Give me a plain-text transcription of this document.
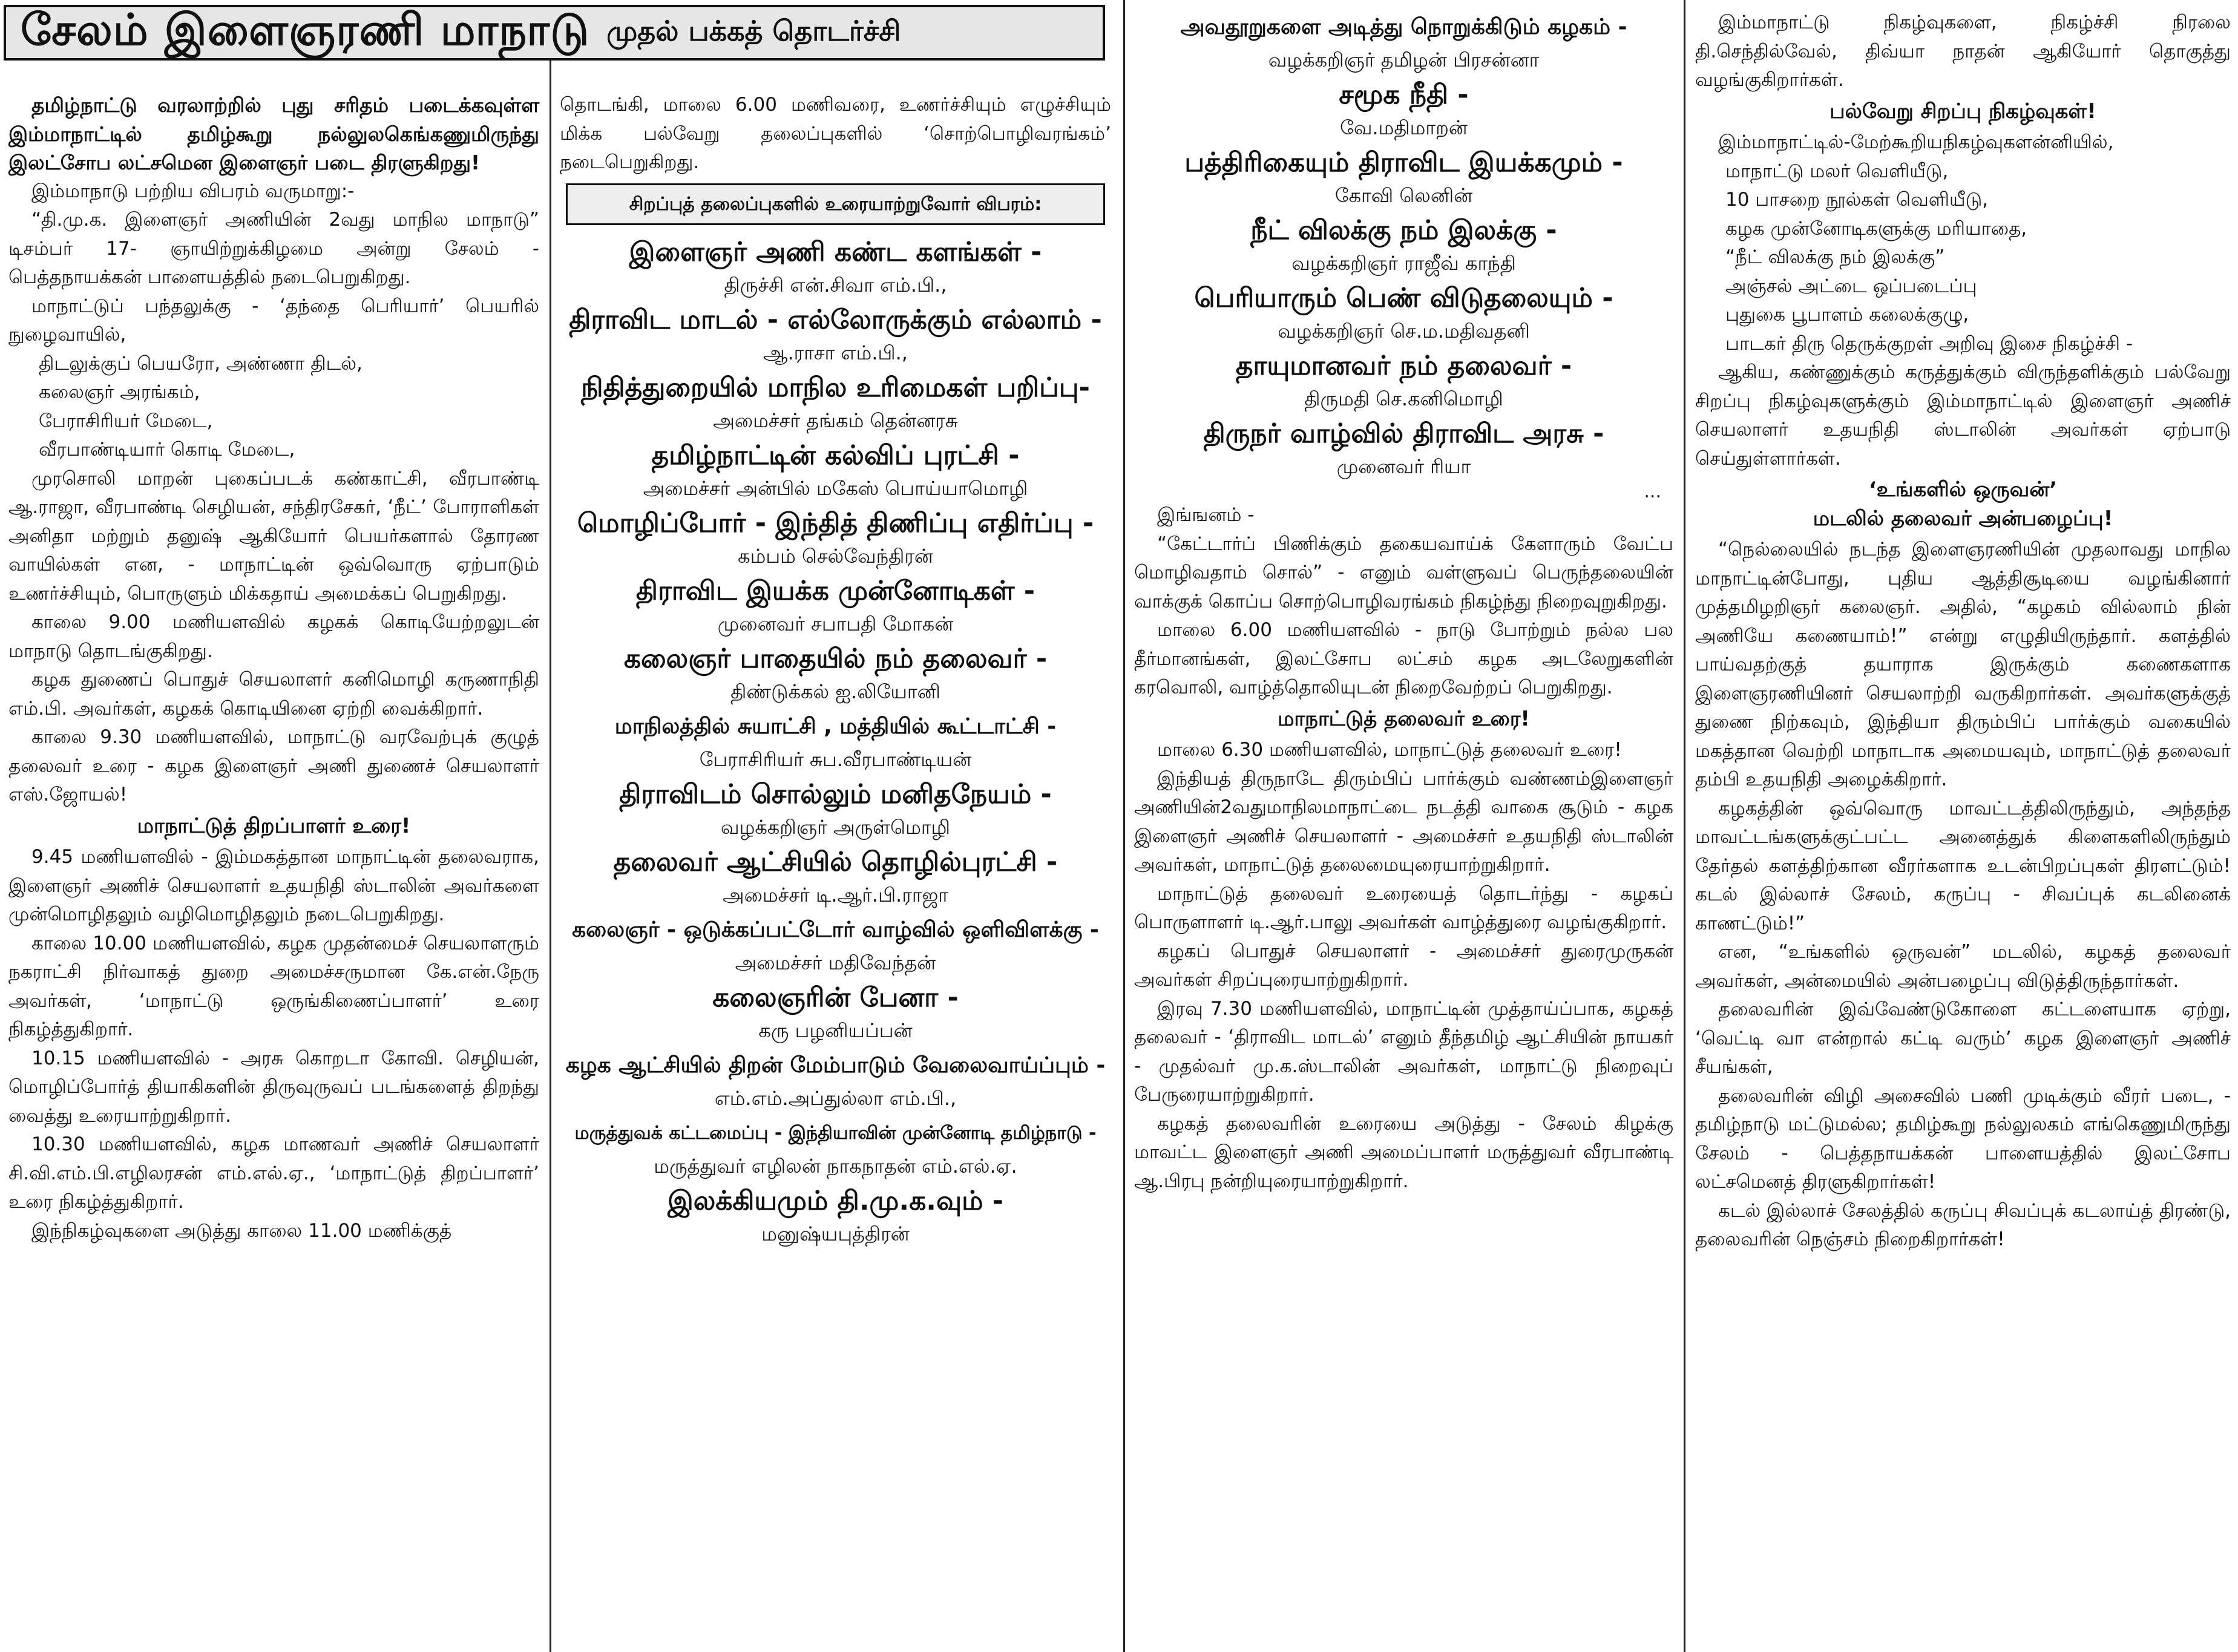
சேலம் இளைஞரணி மாநாடு முதல் பக்கத் தொடர்ச்சி

தமிழ்நாட்டு வரலாற்றில் புது சரிதம் படைக்கவுள்ள இம்மாநாட்டில் தமிழ்கூறு நல்லுலகெங்கணுமிருந்து இலட்சோப லட்சமென இளைஞர் படை திரளுகிறது!

இம்மாநாடு பற்றிய விபரம் வருமாறு:-

“தி.மு.க. இளைஞர் அணியின் 2வது மாநில மாநாடு” டிசம்பர் 17- ஞாயிற்றுக்கிழமை அன்று சேலம் - பெத்தநாயக்கன் பாளையத்தில் நடைபெறுகிறது.

மாநாட்டுப் பந்தலுக்கு - ‘தந்தை பெரியார்’ பெயரில் நுழைவாயில்,

திடலுக்குப் பெயரோ, அண்ணா திடல்,

கலைஞர் அரங்கம்,

பேராசிரியர் மேடை,

வீரபாண்டியார் கொடி மேடை,

முரசொலி மாறன் புகைப்படக் கண்காட்சி, வீரபாண்டி ஆ.ராஜா, வீரபாண்டி செழியன், சந்திரசேகர், ‘நீட்’ போராளிகள் அனிதா மற்றும் தனுஷ் ஆகியோர் பெயர்களால் தோரண வாயில்கள் என, - மாநாட்டின் ஒவ்வொரு ஏற்பாடும் உணர்ச்சியும், பொருளும் மிக்கதாய் அமைக்கப் பெறுகிறது.

காலை 9.00 மணியளவில் கழகக் கொடியேற்றலுடன் மாநாடு தொடங்குகிறது.

கழக துணைப் பொதுச் செயலாளர் கனிமொழி கருணாநிதி எம்.பி. அவர்கள், கழகக் கொடியினை ஏற்றி வைக்கிறார்.

காலை 9.30 மணியளவில், மாநாட்டு வரவேற்புக் குழுத் தலைவர் உரை - கழக இளைஞர் அணி துணைச் செயலாளர் எஸ்.ஜோயல்!

மாநாட்டுத் திறப்பாளர் உரை!

9.45 மணியளவில் - இம்மகத்தான மாநாட்டின் தலைவராக, இளைஞர் அணிச் செயலாளர் உதயநிதி ஸ்டாலின் அவர்களை முன்மொழிதலும் வழிமொழிதலும் நடைபெறுகிறது.

காலை 10.00 மணியளவில், கழக முதன்மைச் செயலாளரும் நகராட்சி நிர்வாகத் துறை அமைச்சருமான கே.என்.நேரு அவர்கள், ‘மாநாட்டு ஒருங்கிணைப்பாளர்’ உரை நிகழ்த்துகிறார்.

10.15 மணியளவில் - அரசு கொறடா கோவி. செழியன், மொழிப்போர்த் தியாகிகளின் திருவுருவப் படங்களைத் திறந்து வைத்து உரையாற்றுகிறார்.

10.30 மணியளவில், கழக மாணவர் அணிச் செயலாளர் சி.வி.எம்.பி.எழிலரசன் எம்.எல்.ஏ., ‘மாநாட்டுத் திறப்பாளர்’ உரை நிகழ்த்துகிறார்.

இந்நிகழ்வுகளை அடுத்து காலை 11.00 மணிக்குத்

தொடங்கி, மாலை 6.00 மணிவரை, உணர்ச்சியும் எழுச்சியும் மிக்க பல்வேறு தலைப்புகளில் ‘சொற்பொழிவரங்கம்’ நடைபெறுகிறது.

சிறப்புத் தலைப்புகளில் உரையாற்றுவோர் விபரம்:
இளைஞர் அணி கண்ட களங்கள் -
திருச்சி என்.சிவா எம்.பி.,
திராவிட மாடல் - எல்லோருக்கும் எல்லாம் -
ஆ.ராசா எம்.பி.,
நிதித்துறையில் மாநில உரிமைகள் பறிப்பு-
அமைச்சர் தங்கம் தென்னரசு
தமிழ்நாட்டின் கல்விப் புரட்சி -
அமைச்சர் அன்பில் மகேஸ் பொய்யாமொழி
மொழிப்போர் - இந்தித் திணிப்பு எதிர்ப்பு -
கம்பம் செல்வேந்திரன்
திராவிட இயக்க முன்னோடிகள் -
முனைவர் சபாபதி மோகன்
கலைஞர் பாதையில் நம் தலைவர் -
திண்டுக்கல் ஐ.லியோனி
மாநிலத்தில் சுயாட்சி , மத்தியில் கூட்டாட்சி -
பேராசிரியர் சுப.வீரபாண்டியன்
திராவிடம் சொல்லும் மனிதநேயம் -
வழக்கறிஞர் அருள்மொழி
தலைவர் ஆட்சியில் தொழில்புரட்சி -
அமைச்சர் டி.ஆர்.பி.ராஜா
கலைஞர் - ஒடுக்கப்பட்டோர் வாழ்வில் ஒளிவிளக்கு -
அமைச்சர் மதிவேந்தன்
கலைஞரின் பேனா -
கரு பழனியப்பன்
கழக ஆட்சியில் திறன் மேம்பாடும் வேலைவாய்ப்பும் -
எம்.எம்.அப்துல்லா எம்.பி.,
மருத்துவக் கட்டமைப்பு - இந்தியாவின் முன்னோடி தமிழ்நாடு -
மருத்துவர் எழிலன் நாகநாதன் எம்.எல்.ஏ.
இலக்கியமும் தி.மு.க.வும் -
மனுஷ்யபுத்திரன்
அவதூறுகளை அடித்து நொறுக்கிடும் கழகம் -
வழக்கறிஞர் தமிழன் பிரசன்னா
சமூக நீதி -
வே.மதிமாறன்
பத்திரிகையும் திராவிட இயக்கமும் -
கோவி லெனின்
நீட் விலக்கு நம் இலக்கு -
வழக்கறிஞர் ராஜீவ் காந்தி
பெரியாரும் பெண் விடுதலையும் -
வழக்கறிஞர் செ.ம.மதிவதனி
தாயுமானவர் நம் தலைவர் -
திருமதி செ.கனிமொழி
திருநர் வாழ்வில் திராவிட அரசு -
முனைவர் ரியா
...

இங்ஙனம் -

“கேட்டார்ப் பிணிக்கும் தகையவாய்க் கேளாரும் வேட்ப மொழிவதாம் சொல்” - எனும் வள்ளுவப் பெருந்தலையின் வாக்குக் கொப்ப சொற்பொழிவரங்கம் நிகழ்ந்து நிறைவுறுகிறது.

மாலை 6.00 மணியளவில் - நாடு போற்றும் நல்ல பல தீர்மானங்கள், இலட்சோப லட்சம் கழக அடலேறுகளின் கரவொலி, வாழ்த்தொலியுடன் நிறைவேற்றப் பெறுகிறது.

மாநாட்டுத் தலைவர் உரை!

மாலை 6.30 மணியளவில், மாநாட்டுத் தலைவர் உரை!

இந்தியத் திருநாடே திரும்பிப் பார்க்கும் வண்ணம்இளைஞர் அணியின்2வதுமாநிலமாநாட்டை நடத்தி வாகை சூடும் - கழக இளைஞர் அணிச் செயலாளர் - அமைச்சர் உதயநிதி ஸ்டாலின் அவர்கள், மாநாட்டுத் தலைமையுரையாற்றுகிறார்.

மாநாட்டுத் தலைவர் உரையைத் தொடர்ந்து - கழகப் பொருளாளர் டி.ஆர்.பாலு அவர்கள் வாழ்த்துரை வழங்குகிறார்.

கழகப் பொதுச் செயலாளர் - அமைச்சர் துரைமுருகன் அவர்கள் சிறப்புரையாற்றுகிறார்.

இரவு 7.30 மணியளவில், மாநாட்டின் முத்தாய்ப்பாக, கழகத் தலைவர் - ‘திராவிட மாடல்’ எனும் தீந்தமிழ் ஆட்சியின் நாயகர் - முதல்வர் மு.க.ஸ்டாலின் அவர்கள், மாநாட்டு நிறைவுப் பேருரையாற்றுகிறார்.

கழகத் தலைவரின் உரையை அடுத்து - சேலம் கிழக்கு மாவட்ட இளைஞர் அணி அமைப்பாளர் மருத்துவர் வீரபாண்டி ஆ.பிரபு நன்றியுரையாற்றுகிறார்.

இம்மாநாட்டு நிகழ்வுகளை, நிகழ்ச்சி நிரலை தி.செந்தில்வேல், திவ்யா நாதன் ஆகியோர் தொகுத்து வழங்குகிறார்கள்.

பல்வேறு சிறப்பு நிகழ்வுகள்!

இம்மாநாட்டில்-மேற்கூறியநிகழ்வுகளன்னியில்,

மாநாட்டு மலர் வெளியீடு,

10 பாசறை நூல்கள் வெளியீடு,

கழக முன்னோடிகளுக்கு மரியாதை,

“நீட் விலக்கு நம் இலக்கு”

அஞ்சல் அட்டை ஒப்படைப்பு

புதுகை பூபாளம் கலைக்குழு,

பாடகர் திரு தெருக்குறள் அறிவு இசை நிகழ்ச்சி -

ஆகிய, கண்ணுக்கும் கருத்துக்கும் விருந்தளிக்கும் பல்வேறு சிறப்பு நிகழ்வுகளுக்கும் இம்மாநாட்டில் இளைஞர் அணிச் செயலாளர் உதயநிதி ஸ்டாலின் அவர்கள் ஏற்பாடு செய்துள்ளார்கள்.

‘உங்களில் ஒருவன்’

மடலில் தலைவர் அன்பழைப்பு!

“நெல்லையில் நடந்த இளைஞரணியின் முதலாவது மாநில மாநாட்டின்போது, புதிய ஆத்திசூடியை வழங்கினார் முத்தமிழறிஞர் கலைஞர். அதில், “கழகம் வில்லாம் நின் அணியே கணையாம்!” என்று எழுதியிருந்தார். களத்தில் பாய்வதற்குத் தயாராக இருக்கும் கணைகளாக இளைஞரணியினர் செயலாற்றி வருகிறார்கள். அவர்களுக்குத் துணை நிற்கவும், இந்தியா திரும்பிப் பார்க்கும் வகையில் மகத்தான வெற்றி மாநாடாக அமையவும், மாநாட்டுத் தலைவர் தம்பி உதயநிதி அழைக்கிறார்.

கழகத்தின் ஒவ்வொரு மாவட்டத்திலிருந்தும், அந்தந்த மாவட்டங்களுக்குட்பட்ட அனைத்துக் கிளைகளிலிருந்தும் தேர்தல் களத்திற்கான வீரர்களாக உடன்பிறப்புகள் திரளட்டும்! கடல் இல்லாச் சேலம், கருப்பு - சிவப்புக் கடலினைக் காணட்டும்!”

என, “உங்களில் ஒருவன்” மடலில், கழகத் தலைவர் அவர்கள், அன்மையில் அன்பழைப்பு விடுத்திருந்தார்கள்.

தலைவரின் இவ்வேண்டுகோளை கட்டளையாக ஏற்று, ‘வெட்டி வா என்றால் கட்டி வரும்’ கழக இளைஞர் அணிச் சீயங்கள்,

தலைவரின் விழி அசைவில் பணி முடிக்கும் வீரர் படை, - தமிழ்நாடு மட்டுமல்ல; தமிழ்கூறு நல்லுலகம் எங்கெணுமிருந்து சேலம் - பெத்தநாயக்கன் பாளையத்தில் இலட்சோப லட்சமெனத் திரளுகிறார்கள்!

கடல் இல்லாச் சேலத்தில் கருப்பு சிவப்புக் கடலாய்த் திரண்டு, தலைவரின் நெஞ்சம் நிறைகிறார்கள்!
